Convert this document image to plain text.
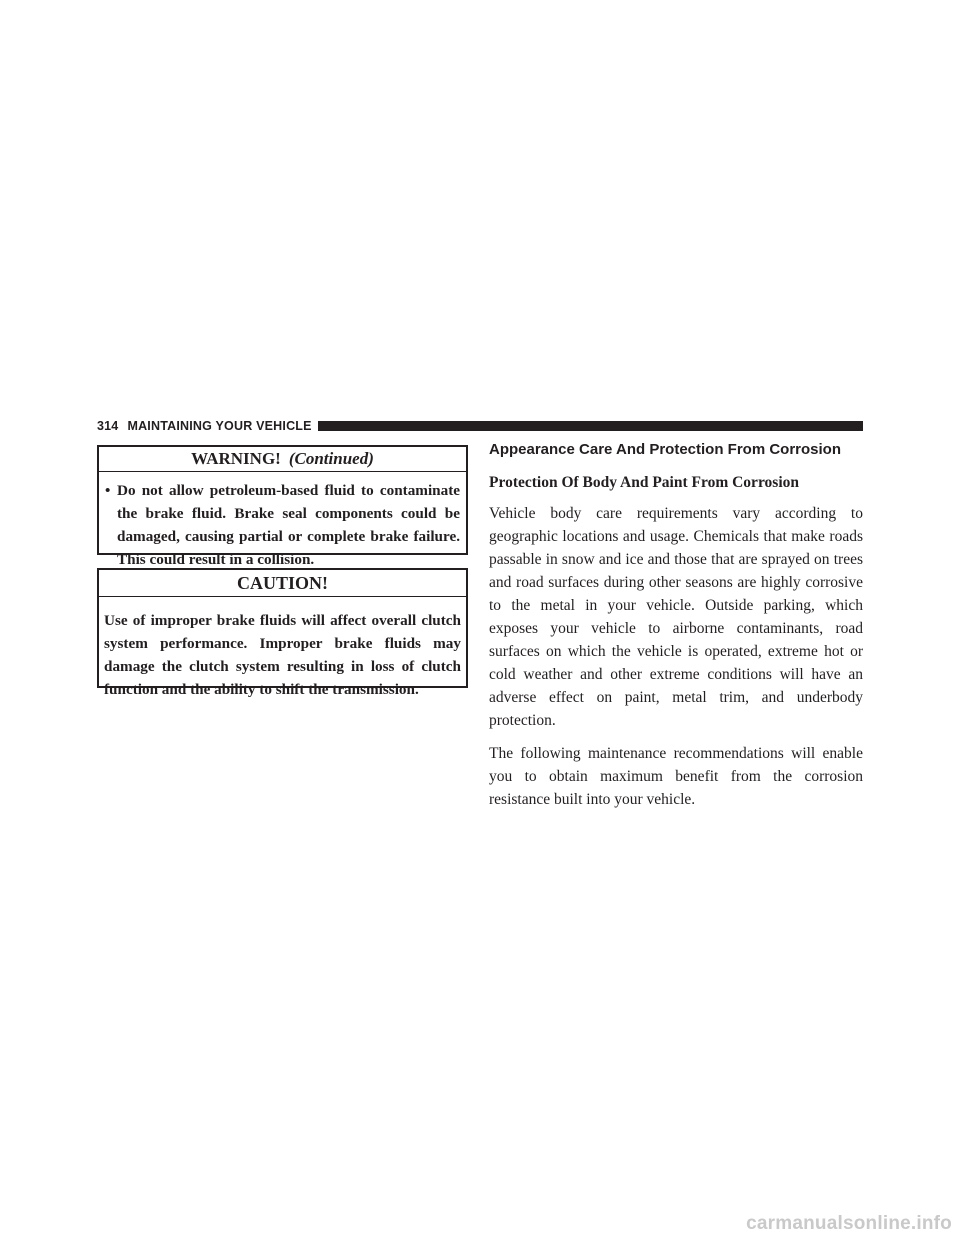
314 MAINTAINING YOUR VEHICLE
WARNING! (Continued)
• Do not allow petroleum-based fluid to contaminate the brake fluid. Brake seal components could be damaged, causing partial or complete brake failure. This could result in a collision.
CAUTION!
Use of improper brake fluids will affect overall clutch system performance. Improper brake fluids may damage the clutch system resulting in loss of clutch function and the ability to shift the transmission.
Appearance Care And Protection From Corrosion
Protection Of Body And Paint From Corrosion

Vehicle body care requirements vary according to geographic locations and usage. Chemicals that make roads passable in snow and ice and those that are sprayed on trees and road surfaces during other seasons are highly corrosive to the metal in your vehicle. Outside parking, which exposes your vehicle to airborne contaminants, road surfaces on which the vehicle is operated, extreme hot or cold weather and other extreme conditions will have an adverse effect on paint, metal trim, and underbody protection.

The following maintenance recommendations will enable you to obtain maximum benefit from the corrosion resistance built into your vehicle.

carmanualsonline.info
